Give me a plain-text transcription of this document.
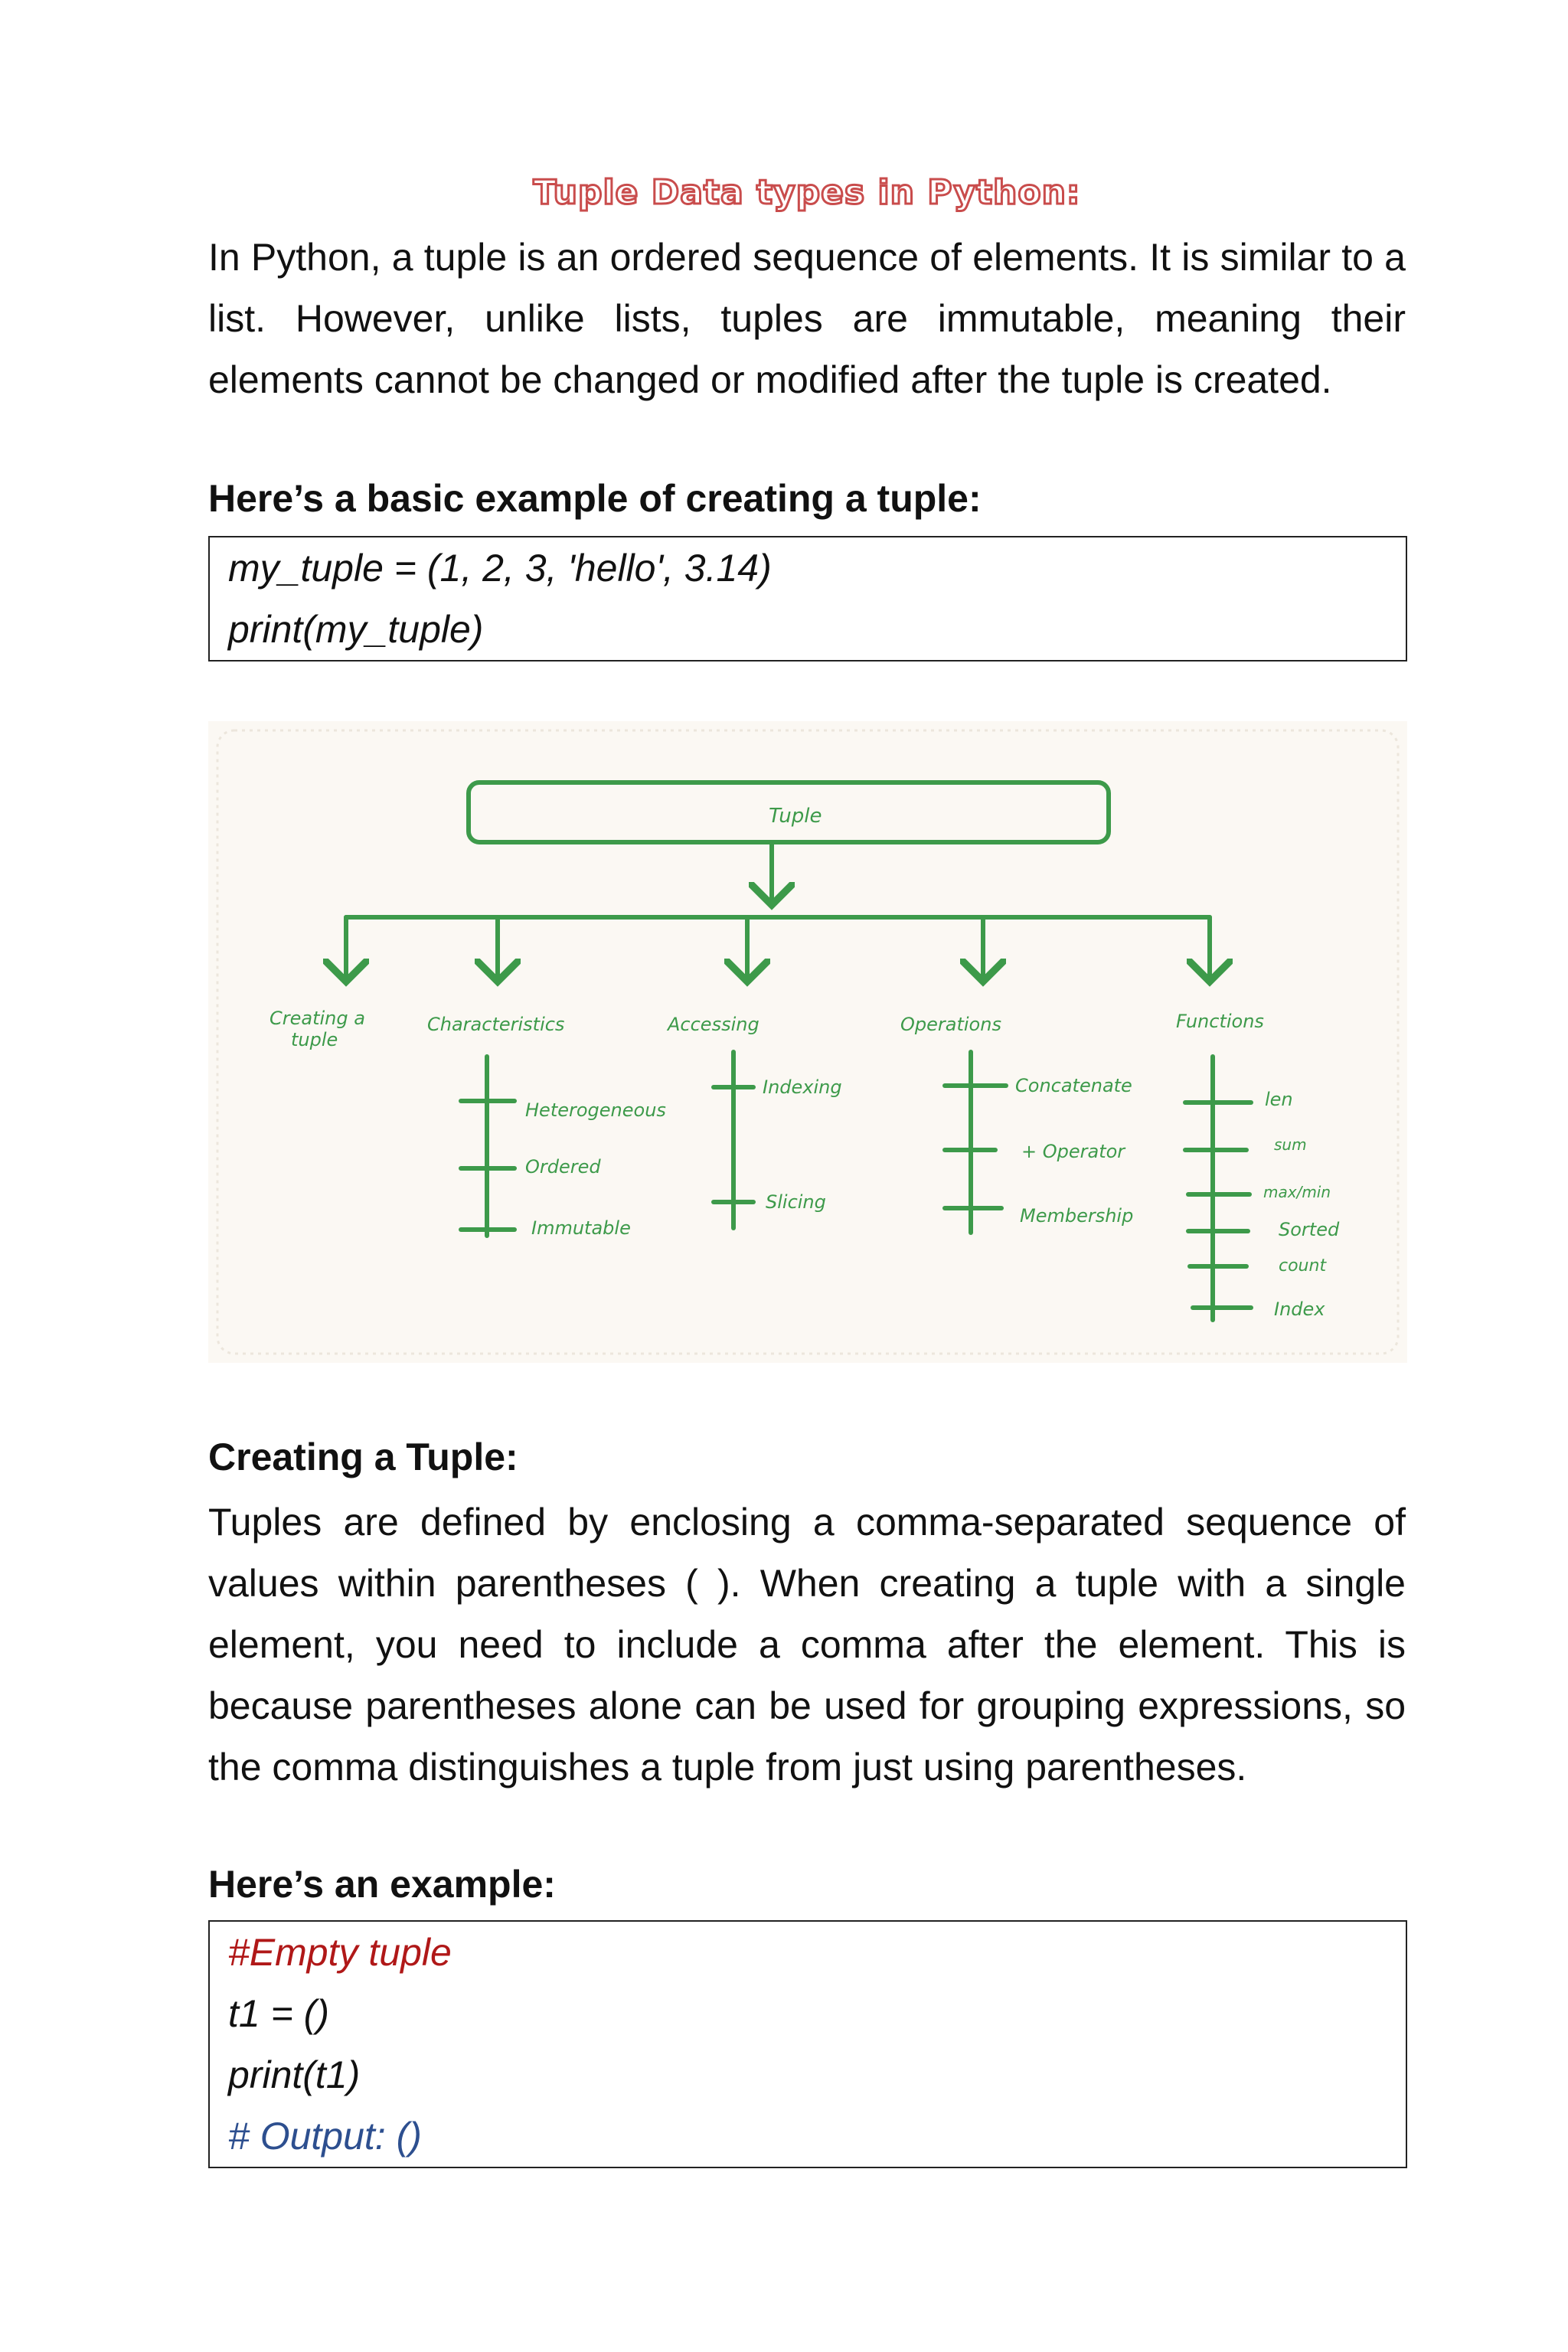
Tuple Data types in Python:
In Python, a tuple is an ordered sequence of elements. It is similar to a list. However, unlike lists, tuples are immutable, meaning their elements cannot be changed or modified after the tuple is created.
Here’s a basic example of creating a tuple:
my_tuple = (1, 2, 3, 'hello', 3.14)
print(my_tuple)
Creating a Tuple:
Tuples are defined by enclosing a comma-separated sequence of values within parentheses ( ). When creating a tuple with a single element, you need to include a comma after the element. This is because parentheses alone can be used for grouping expressions, so the comma distinguishes a tuple from just using parentheses.
Here’s an example:
#Empty tuple
t1 = ()
print(t1)
# Output: ()
Tuple
Creating a
tuple
Characteristics	Accessing	Operations	Functions
Heterogeneous
Ordered
Immutable
Indexing
Slicing
Concatenate
+ Operator
Membership
len
sum
max/min
Sorted
count
Index
